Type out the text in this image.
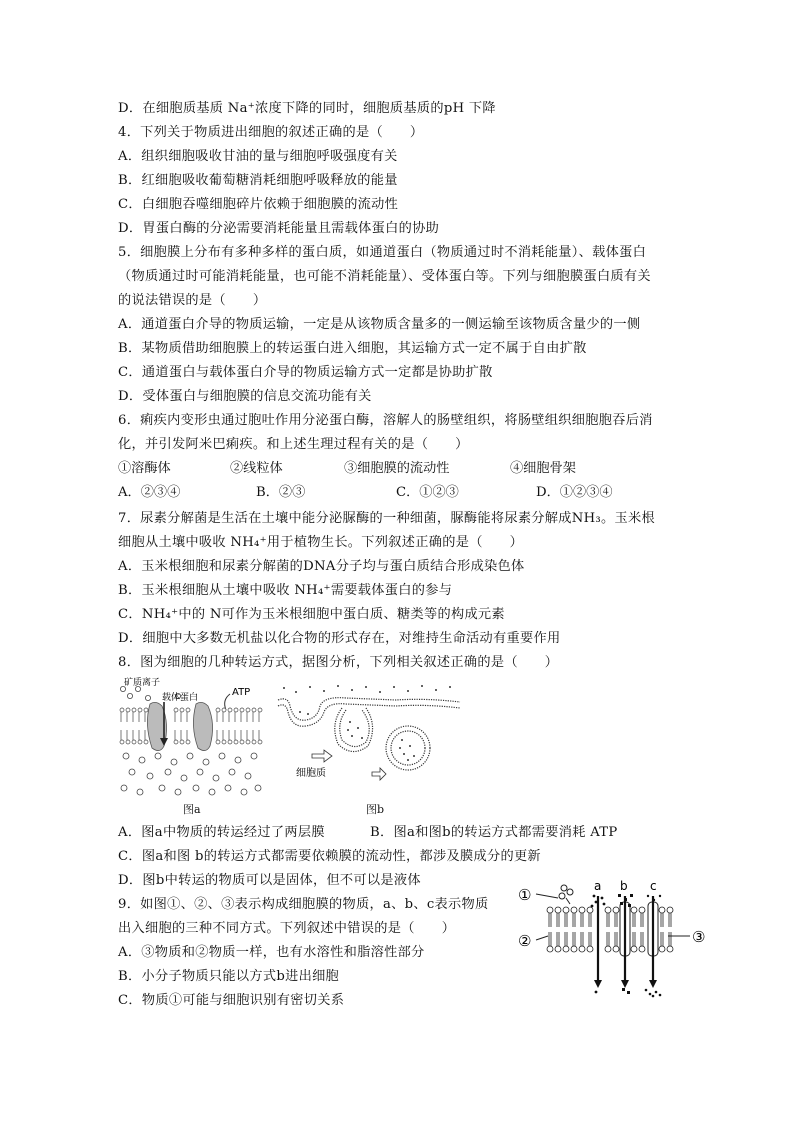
D．在细胞质基质 Na⁺浓度下降的同时，细胞质基质的pH 下降
4．下列关于物质进出细胞的叙述正确的是（　　）
A．组织细胞吸收甘油的量与细胞呼吸强度有关
B．红细胞吸收葡萄糖消耗细胞呼吸释放的能量
C．白细胞吞噬细胞碎片依赖于细胞膜的流动性
D．胃蛋白酶的分泌需要消耗能量且需载体蛋白的协助
5．细胞膜上分布有多种多样的蛋白质，如通道蛋白（物质通过时不消耗能量）、载体蛋白
（物质通过时可能消耗能量，也可能不消耗能量）、受体蛋白等。下列与细胞膜蛋白质有关
的说法错误的是（　　）
A．通道蛋白介导的物质运输，一定是从该物质含量多的一侧运输至该物质含量少的一侧
B．某物质借助细胞膜上的转运蛋白进入细胞，其运输方式一定不属于自由扩散
C．通道蛋白与载体蛋白介导的物质运输方式一定都是协助扩散
D．受体蛋白与细胞膜的信息交流功能有关
6．痢疾内变形虫通过胞吐作用分泌蛋白酶，溶解人的肠壁组织，将肠壁组织细胞胞吞后消
化，并引发阿米巴痢疾。和上述生理过程有关的是（　　）
①溶酶体	②线粒体	③细胞膜的流动性	④细胞骨架
A．②③④	B．②③	C．①②③	D．①②③④
7．尿素分解菌是生活在土壤中能分泌脲酶的一种细菌，脲酶能将尿素分解成NH₃。玉米根
细胞从土壤中吸收 NH₄⁺用于植物生长。下列叙述正确的是（　　）
A．玉米根细胞和尿素分解菌的DNA分子均与蛋白质结合形成染色体
B．玉米根细胞从土壤中吸收 NH₄⁺需要载体蛋白的参与
C．NH₄⁺中的 N可作为玉米根细胞中蛋白质、糖类等的构成元素
D．细胞中大多数无机盐以化合物的形式存在，对维持生命活动有重要作用
8．图为细胞的几种转运方式，据图分析，下列相关叙述正确的是（　　）
矿质离子
载体蛋白	ATP
图a
细胞质
图b
A．图a中物质的转运经过了两层膜	B．图a和图b的转运方式都需要消耗 ATP
C．图a和图 b的转运方式都需要依赖膜的流动性，都涉及膜成分的更新
D．图b中转运的物质可以是固体，但不可以是液体
9．如图①、②、③表示构成细胞膜的物质，a、b、c表示物质
出入细胞的三种不同方式。下列叙述中错误的是（　　）
A．③物质和②物质一样，也有水溶性和脂溶性部分
B．小分子物质只能以方式b进出细胞
C．物质①可能与细胞识别有密切关系
①
②	③
a b c
